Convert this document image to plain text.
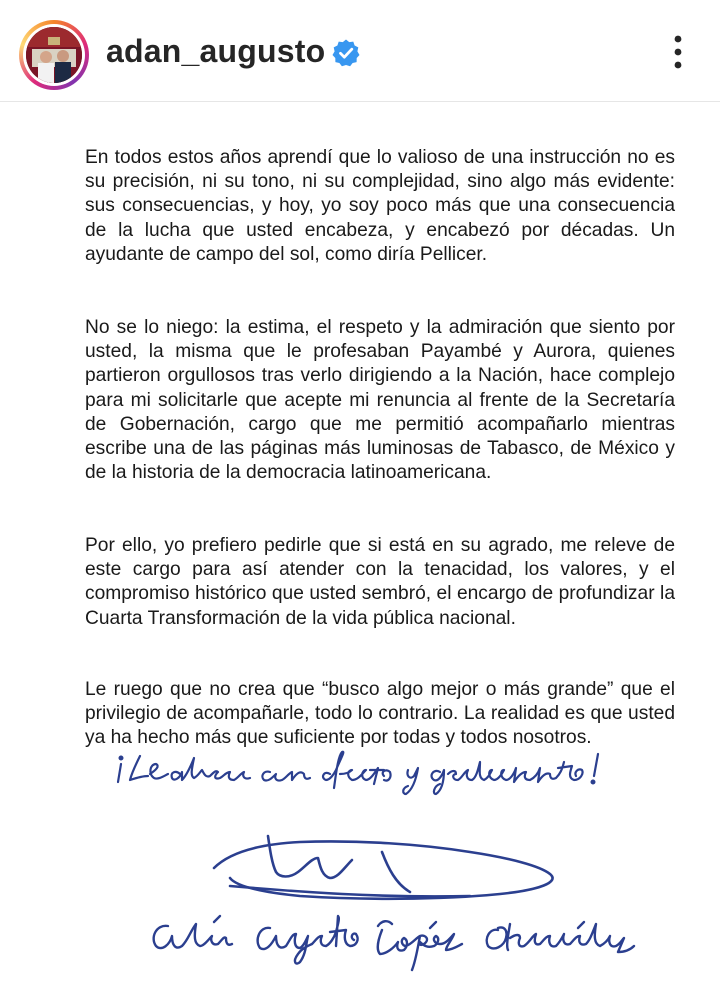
adan_augusto

En todos estos años aprendí que lo valioso de una instrucción no es su precisión, ni su tono, ni su complejidad, sino algo más evidente: sus consecuencias, y hoy, yo soy poco más que una consecuencia de la lucha que usted encabeza, y encabezó por décadas. Un ayudante de campo del sol, como diría Pellicer.

No se lo niego: la estima, el respeto y la admiración que siento por usted, la misma que le profesaban Payambé y Aurora, quienes partieron orgullosos tras verlo dirigiendo a la Nación, hace complejo para mi solicitarle que acepte mi renuncia al frente de la Secretaría de Gobernación, cargo que me permitió acompañarlo mientras escribe una de las páginas más luminosas de Tabasco, de México y de la historia de la democracia latinoamericana.

Por ello, yo prefiero pedirle que si está en su agrado, me releve de este cargo para así atender con la tenacidad, los valores, y el compromiso histórico que usted sembró, el encargo de profundizar la Cuarta Transformación de la vida pública nacional.

Le ruego que no crea que “busco algo mejor o más grande” que el privilegio de acompañarle, todo lo contrario. La realidad es que usted ya ha hecho más que suficiente por todas y todos nosotros.
